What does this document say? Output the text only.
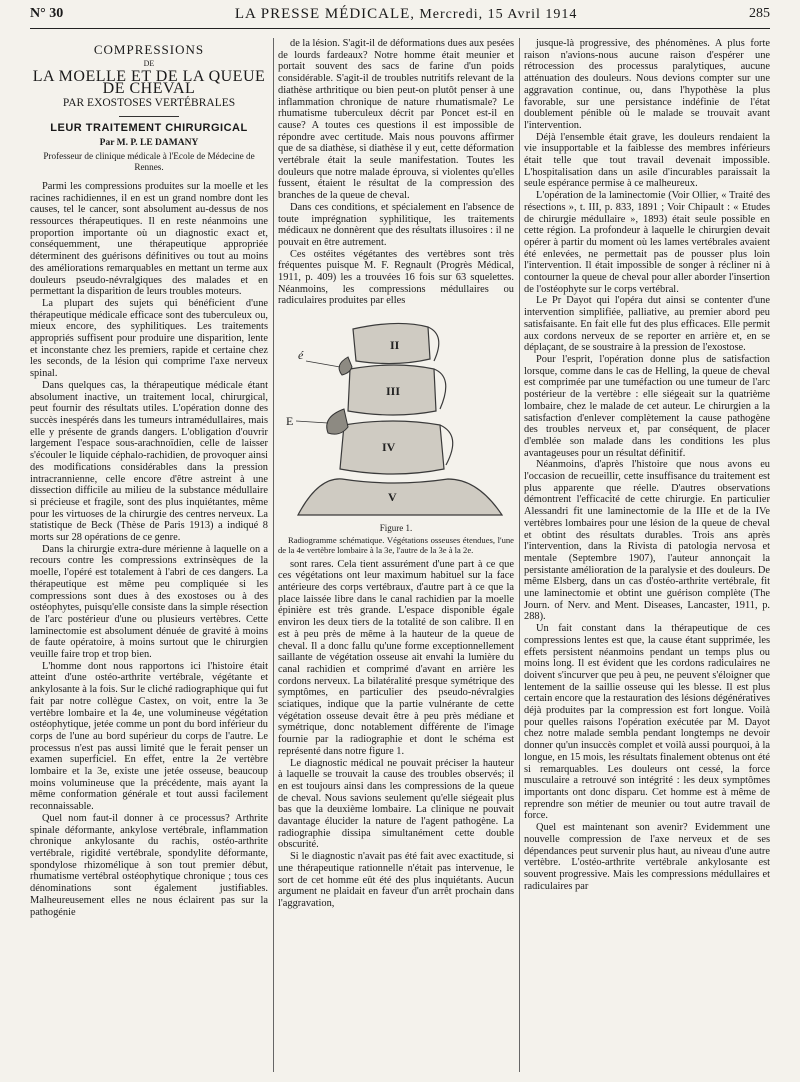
N° 30	LA PRESSE MÉDICALE, Mercredi, 15 Avril 1914	285
COMPRESSIONS
DE
LA MOELLE ET DE LA QUEUE DE CHEVAL
PAR EXOSTOSES VERTÉBRALES
LEUR TRAITEMENT CHIRURGICAL
Par M. P. LE DAMANY
Professeur de clinique médicale à l'Ecole de Médecine de Rennes.

Parmi les compressions produites sur la moelle et les racines rachidiennes, il en est un grand nombre dont les causes, tel le cancer, sont absolument au-dessus de nos ressources thérapeutiques. Il en reste néanmoins une proportion importante où un diagnostic exact et, conséquemment, une thérapeutique appropriée déterminent des guérisons définitives ou tout au moins des améliorations remarquables en mettant un terme aux douleurs pseudo-névralgiques des malades et en permettant la disparition de leurs troubles moteurs.

La plupart des sujets qui bénéficient d'une thérapeutique médicale efficace sont des tuberculeux ou, mieux encore, des syphilitiques. Les traitements appropriés suffisent pour produire une disparition, lente et inconstante chez les premiers, rapide et certaine chez les seconds, de la lésion qui comprime l'axe nerveux spinal.

Dans quelques cas, la thérapeutique médicale étant absolument inactive, un traitement local, chirurgical, peut fournir des résultats utiles. L'opération donne des succès inespérés dans les tumeurs intramédullaires, mais elle y présente de grands dangers. L'obligation d'ouvrir largement l'espace sous-arachnoïdien, celle de laisser s'écouler le liquide céphalo-rachidien, de provoquer ainsi des modifications considérables dans la pression intracrannienne, celle encore d'être astreint à une dissection difficile au milieu de la substance médullaire si précieuse et fragile, sont des plus inquiétantes, même pour les virtuoses de la chirurgie des centres nerveux. La statistique de Beck (Thèse de Paris 1913) a indiqué 8 morts sur 28 opérations de ce genre.

Dans la chirurgie extra-dure mérienne à laquelle on a recours contre les compressions extrinsèques de la moelle, l'opéré est totalement à l'abri de ces dangers. La thérapeutique est même peu compliquée si les compressions sont dues à des exostoses ou à des ostéophytes, puisqu'elle consiste dans la simple résection de l'arc postérieur d'une ou plusieurs vertèbres. Cette laminectomie est absolument dénuée de gravité à moins de faute opératoire, à moins surtout que le chirurgien veuille faire trop et trop bien.

L'homme dont nous rapportons ici l'histoire était atteint d'une ostéo-arthrite vertébrale, végétante et ankylosante à la fois. Sur le cliché radiographique qui fut fait par notre collègue Castex, on voit, entre la 3e vertèbre lombaire et la 4e, une volumineuse végétation ostéophytique, jetée comme un pont du bord inférieur du corps de l'une au bord supérieur du corps de l'autre. Le processus n'est pas aussi limité que le ferait penser un examen superficiel. En effet, entre la 2e vertèbre lombaire et la 3e, existe une jetée osseuse, beaucoup moins volumineuse que la précédente, mais ayant la même conformation générale et tout aussi facilement reconnaissable.

Quel nom faut-il donner à ce processus? Arthrite spinale déformante, ankylose vertébrale, inflammation chronique ankylosante du rachis, ostéo-arthrite vertébrale, rigidité vertébrale, spondylite déformante, spondylose rhizomélique à son tout premier début, rhumatisme vertébral ostéophytique chronique ; tous ces dénominations sont également justifiables. Malheureusement elles ne nous éclairent pas sur la pathogénie

de la lésion. S'agit-il de déformations dues aux pesées de lourds fardeaux? Notre homme était meunier et portait souvent des sacs de farine d'un poids considérable. S'agit-il de troubles nutritifs relevant de la diathèse arthritique ou bien peut-on plutôt penser à une inflammation chronique de nature rhumatismale? Le rhumatisme tuberculeux décrit par Poncet est-il en cause? A toutes ces questions il est impossible de répondre avec certitude. Mais nous pouvons affirmer que de sa diathèse, si diathèse il y eut, cette déformation vertébrale était la seule manifestation. Toutes les douleurs que notre malade éprouva, si violentes qu'elles fussent, étaient le résultat de la compression des branches de la queue de cheval.

Dans ces conditions, et spécialement en l'absence de toute imprégnation syphilitique, les traitements médicaux ne donnèrent que des résultats illusoires : il ne pouvait en être autrement.

Ces ostéites végétantes des vertèbres sont très fréquentes puisque M. F. Regnault (Progrès Médical, 1911, p. 409) les a trouvées 16 fois sur 63 squelettes. Néanmoins, les compressions médullaires ou radiculaires produites par elles

II
III
IV
V
é
E
Figure 1.

Radiogramme schématique. Végétations osseuses étendues, l'une de la 4e vertèbre lombaire à la 3e, l'autre de la 3e à la 2e.

sont rares. Cela tient assurément d'une part à ce que ces végétations ont leur maximum habituel sur la face antérieure des corps vertébraux, d'autre part à ce que la place laissée libre dans le canal rachidien par la moelle épinière est très grande. L'espace disponible égale environ les deux tiers de la totalité de son calibre. Il en est à peu près de même à la hauteur de la queue de cheval. Il a donc fallu qu'une forme exceptionnellement saillante de végétation osseuse ait envahi la lumière du canal rachidien et comprimé d'avant en arrière les cordons nerveux. La bilatéralité presque symétrique des symptômes, en particulier des pseudo-névralgies sciatiques, indique que la partie vulnérante de cette végétation osseuse devait être à peu près médiane et symétrique, donc notablement différente de l'image fournie par la radiographie et dont le schéma est représenté dans notre figure 1.

Le diagnostic médical ne pouvait préciser la hauteur à laquelle se trouvait la cause des troubles observés; il en est toujours ainsi dans les compressions de la queue de cheval. Nous savions seulement qu'elle siégeait plus bas que la deuxième lombaire. La clinique ne pouvait davantage élucider la nature de l'agent pathogène. La radiographie dissipa simultanément cette double obscurité.

Si le diagnostic n'avait pas été fait avec exactitude, si une thérapeutique rationnelle n'était pas intervenue, le sort de cet homme eût été des plus inquiétants. Aucun argument ne plaidait en faveur d'un arrêt prochain dans l'aggravation,

jusque-là progressive, des phénomènes. A plus forte raison n'avions-nous aucune raison d'espérer une rétrocession des processus paralytiques, aucune atténuation des douleurs. Nous devions compter sur une aggravation continue, ou, dans l'hypothèse la plus favorable, sur une persistance indéfinie de l'état doublement pénible où le malade se trouvait avant l'intervention.

Déjà l'ensemble était grave, les douleurs rendaient la vie insupportable et la faiblesse des membres inférieurs était telle que tout travail devenait impossible. L'hospitalisation dans un asile d'incurables paraissait la seule espérance permise à ce malheureux.

L'opération de la laminectomie (Voir Ollier, « Traité des résections », t. III, p. 833, 1891 ; Voir Chipault : « Etudes de chirurgie médullaire », 1893) était seule possible en cette région. La profondeur à laquelle le chirurgien devait opérer à partir du moment où les lames vertébrales avaient été enlevées, ne permettait pas de pousser plus loin l'intervention. Il était impossible de songer à récliner ni à contourner la queue de cheval pour aller aborder l'insertion de l'ostéophyte sur le corps vertébral.

Le Pr Dayot qui l'opéra dut ainsi se contenter d'une intervention simplifiée, palliative, au premier abord peu satisfaisante. En fait elle fut des plus efficaces. Elle permit aux cordons nerveux de se reporter en arrière et, en se déplaçant, de se soustraire à la pression de l'exostose.

Pour l'esprit, l'opération donne plus de satisfaction lorsque, comme dans le cas de Helling, la queue de cheval est comprimée par une tuméfaction ou une tumeur de l'arc postérieur de la vertèbre : elle siégeait sur la quatrième lombaire, chez le malade de cet auteur. Le chirurgien a la satisfaction d'enlever complètement la cause pathogène des troubles nerveux et, par conséquent, de placer d'emblée son malade dans les conditions les plus avantageuses pour un résultat définitif.

Néanmoins, d'après l'histoire que nous avons eu l'occasion de recueillir, cette insuffisance du traitement est plus apparente que réelle. D'autres observations démontrent l'efficacité de cette chirurgie. En particulier Alessandri fit une laminectomie de la IIIe et de la IVe vertèbres lombaires pour une lésion de la queue de cheval et obtint des résultats durables. Trois ans après l'intervention, dans la Rivista di patologia nervosa et mentale (Septembre 1907), l'auteur annonçait la persistante amélioration de la paralysie et des douleurs. De même Elsberg, dans un cas d'ostéo-arthrite vertébrale, fit une laminectomie et obtint une guérison complète (The Journ. of Nerv. and Ment. Diseases, Lancaster, 1911, p. 288).

Un fait constant dans la thérapeutique de ces compressions lentes est que, la cause étant supprimée, les effets persistent néanmoins pendant un temps plus ou moins long. Il est évident que les cordons radiculaires ne doivent s'incurver que peu à peu, ne peuvent s'éloigner que lentement de la saillie osseuse qui les blesse. Il est plus certain encore que la restauration des lésions dégénératives déjà produites par la compression est fort longue. Voilà pour quelles raisons l'opération exécutée par M. Dayot chez notre malade sembla pendant longtemps ne devoir donner qu'un insuccès complet et voilà aussi pourquoi, à la longue, en 15 mois, les résultats finalement obtenus ont été si remarquables. Les douleurs ont cessé, la force musculaire a retrouvé son intégrité : les deux symptômes importants ont donc disparu. Cet homme est à même de reprendre son métier de meunier ou tout autre travail de force.

Quel est maintenant son avenir? Evidemment une nouvelle compression de l'axe nerveux et de ses dépendances peut survenir plus haut, au niveau d'une autre vertèbre. L'ostéo-arthrite vertébrale ankylosante est souvent progressive. Mais les compressions médullaires et radiculaires par
